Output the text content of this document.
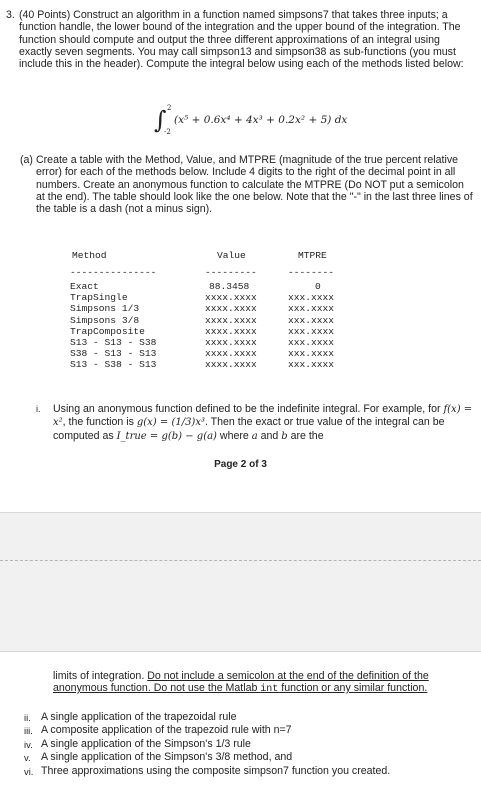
3. (40 Points) Construct an algorithm in a function named simpsons7 that takes three inputs; a function handle, the lower bound of the integration and the upper bound of the integration. The function should compute and output the three different approximations of an integral using exactly seven segments. You may call simpson13 and simpson38 as sub-functions (you must include this in the header). Compute the integral below using each of the methods listed below:
∫ 2
-2
(x⁵ + 0.6x⁴ + 4x³ + 0.2x² + 5) dx
(a) Create a table with the Method, Value, and MTPRE (magnitude of the true percent relative error) for each of the methods below. Include 4 digits to the right of the decimal point in all numbers. Create an anonymous function to calculate the MTPRE (Do NOT put a semicolon at the end). The table should look like the one below. Note that the "-" in the last three lines of the table is a dash (not a minus sign).
Method	Value	MTPRE
---------------	---------	--------
Exact	88.3458	0
TrapSingle	xxxx.xxxx	xxx.xxxx
Simpsons 1/3	xxxx.xxxx	xxx.xxxx
Simpsons 3/8	xxxx.xxxx	xxx.xxxx
TrapComposite	xxxx.xxxx	xxx.xxxx
S13 - S13 - S38	xxxx.xxxx	xxx.xxxx
S38 - S13 - S13	xxxx.xxxx	xxx.xxxx
S13 - S38 - S13	xxxx.xxxx	xxx.xxxx
i. Using an anonymous function defined to be the indefinite integral. For example, for f(x) = x², the function is g(x) = (1/3)x³. Then the exact or true value of the integral can be computed as I_true = g(b) − g(a) where a and b are the
Page 2 of 3
limits of integration. Do not include a semicolon at the end of the definition of the anonymous function. Do not use the Matlab int function or any similar function.
ii. A single application of the trapezoidal rule
iii. A composite application of the trapezoid rule with n=7
iv. A single application of the Simpson's 1/3 rule
v. A single application of the Simpson's 3/8 method, and
vi. Three approximations using the composite simpson7 function you created.
